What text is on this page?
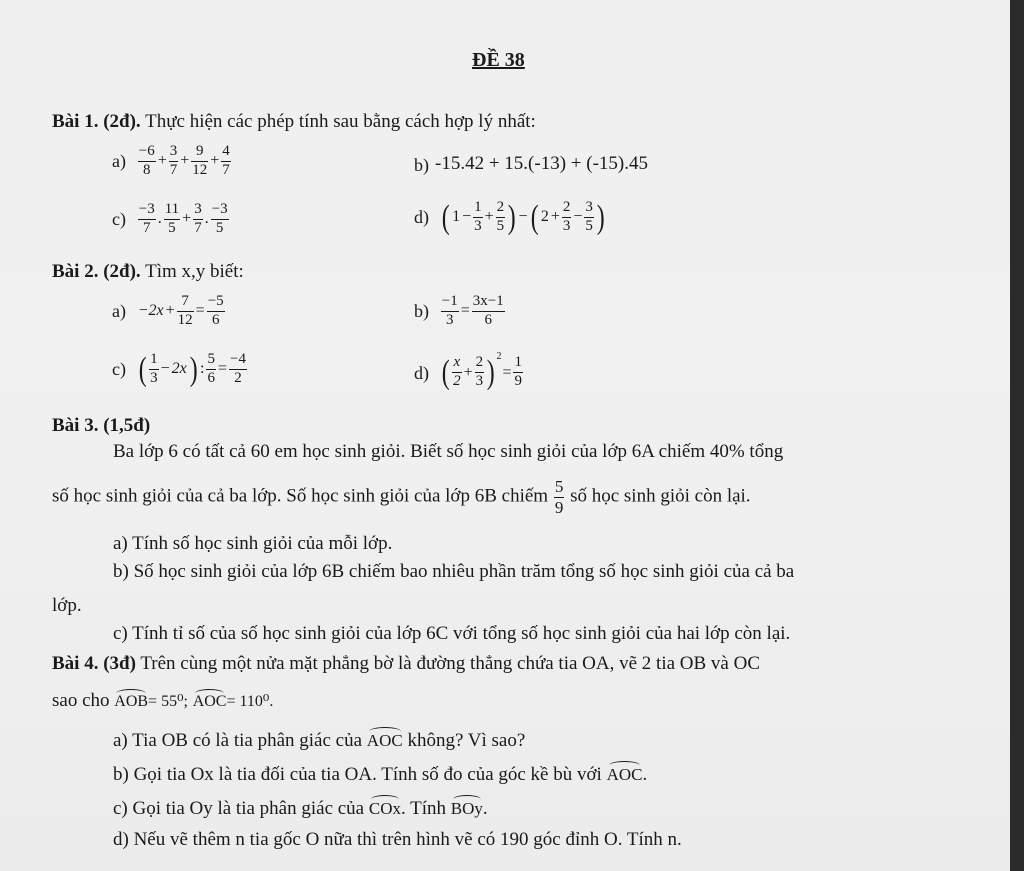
ĐỀ 38
Bài 1. (2đ). Thực hiện các phép tính sau bằng cách hợp lý nhất:
$a) \frac{-6}{8} + \frac{3}{7} + \frac{9}{12} + \frac{4}{7}$	b) -15.42 + 15.(-13) + (-15).45
$c) \frac{-3}{7}$ . $\frac{11}{5} + \frac{3}{7}$ . $\frac{-3}{5}$	d) ( $1 - \frac{1}{3} + \frac{2}{5}$ ) −( $2 + \frac{2}{3} - \frac{3}{5}$ )
Bài 2. (2đ). Tìm x,y biết:
$a) -2x + \frac{7}{12} = \frac{-5}{6}$	$b) \frac{-1}{3} = \frac{3x-1}{6}$
c) ( $\frac{1}{3} - 2x$) : $\frac{5}{6} = \frac{-4}{2}$	d) ( $\frac{x}{2} + \frac{2}{3}$ ) $^2= \frac{1}{9}$
Bài 3. (1,5đ)
Ba lớp 6 có tất cả 60 em học sinh giỏi. Biết số học sinh giỏi của lớp 6A chiếm 40% tổng
số học sinh giỏi của cả ba lớp. Số học sinh giỏi của lớp 6B chiếm $\frac{5}{9}$ số học sinh giỏi còn lại.
a) Tính số học sinh giỏi của mỗi lớp.
b) Số học sinh giỏi của lớp 6B chiếm bao nhiêu phần trăm tổng số học sinh giỏi của cả ba
lớp.
c) Tính tỉ số của số học sinh giỏi của lớp 6C với tổng số học sinh giỏi của hai lớp còn lại.
Bài 4. (3đ) Trên cùng một nửa mặt phẳng bờ là đường thẳng chứa tia OA, vẽ 2 tia OB và OC
sao cho AOB= 55⁰; AOC= 110⁰.
a) Tia OB có là tia phân giác của AOC không? Vì sao?
b) Gọi tia Ox là tia đối của tia OA. Tính số đo của góc kề bù với AOC.
c) Gọi tia Oy là tia phân giác của COx. Tính BOy.
d) Nếu vẽ thêm n tia gốc O nữa thì trên hình vẽ có 190 góc đỉnh O. Tính n.
